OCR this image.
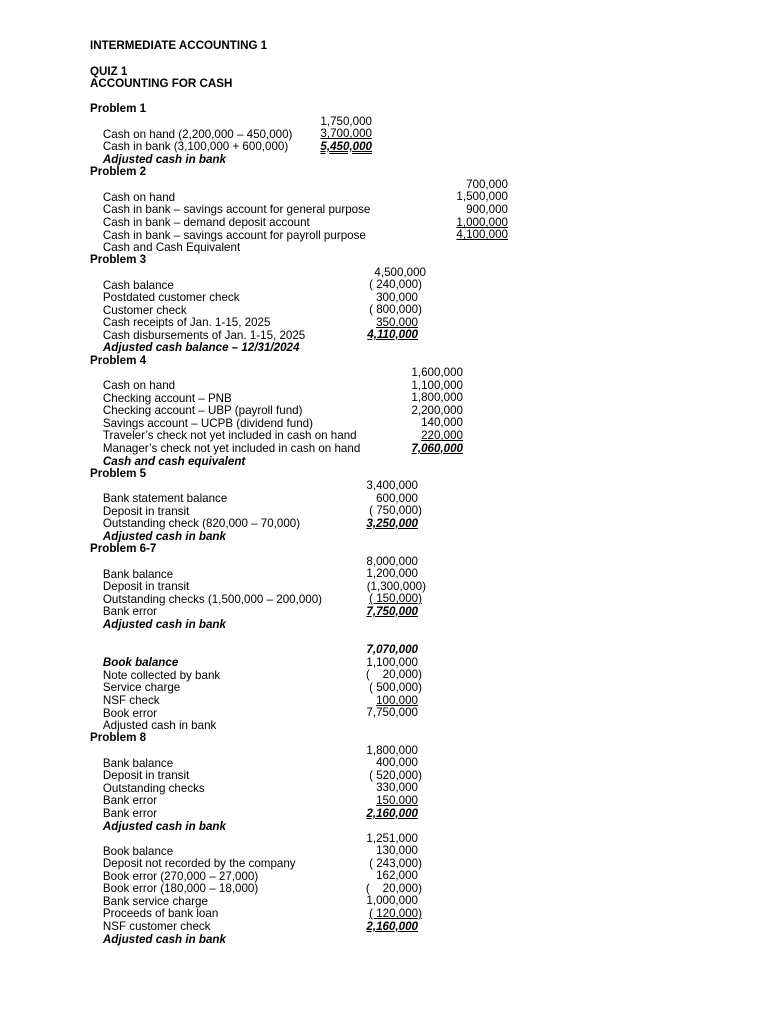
INTERMEDIATE ACCOUNTING 1
QUIZ 1
ACCOUNTING FOR CASH
Problem 1

Cash on hand (2,200,000 – 450,000)

1,750,000

Cash in bank (3,100,000 + 600,000)

3,700,000

Adjusted cash in bank

5,450,000

Problem 2

Cash on hand

700,000

Cash in bank – savings account for general purpose

1,500,000

Cash in bank – demand deposit account

900,000

Cash in bank – savings account for payroll purpose

1,000,000

Cash and Cash Equivalent

4,100,000

Problem 3

Cash balance

4,500,000

Postdated customer check

( 240,000)

Customer check

300,000

Cash receipts of Jan. 1-15, 2025

( 800,000)

Cash disbursements of Jan. 1-15, 2025

350,000

Adjusted cash balance – 12/31/2024

4,110,000

Problem 4

Cash on hand

1,600,000

Checking account – PNB

1,100,000

Checking account – UBP (payroll fund)

1,800,000

Savings account – UCPB (dividend fund)

2,200,000

Traveler’s check not yet included in cash on hand

140,000

Manager’s check not yet included in cash on hand

220,000

Cash and cash equivalent

7,060,000

Problem 5

Bank statement balance

3,400,000

Deposit in transit

600,000

Outstanding check (820,000 – 70,000)

( 750,000)

Adjusted cash in bank

3,250,000

Problem 6-7

Bank balance

8,000,000

Deposit in transit

1,200,000

Outstanding checks (1,500,000 – 200,000)

(1,300,000)

Bank error

( 150,000)

Adjusted cash in bank

7,750,000

Book balance

7,070,000

Note collected by bank

1,100,000

Service charge

(    20,000)

NSF check

( 500,000)

Book error

100,000

Adjusted cash in bank

7,750,000

Problem 8

Bank balance

1,800,000

Deposit in transit

400,000

Outstanding checks

( 520,000)

Bank error

330,000

Bank error

150,000

Adjusted cash in bank

2,160,000

Book balance

1,251,000

Deposit not recorded by the company

130,000

Book error (270,000 – 27,000)

( 243,000)

Book error (180,000 – 18,000)

162,000

Bank service charge

(    20,000)

Proceeds of bank loan

1,000,000

NSF customer check

( 120,000)

Adjusted cash in bank

2,160,000
